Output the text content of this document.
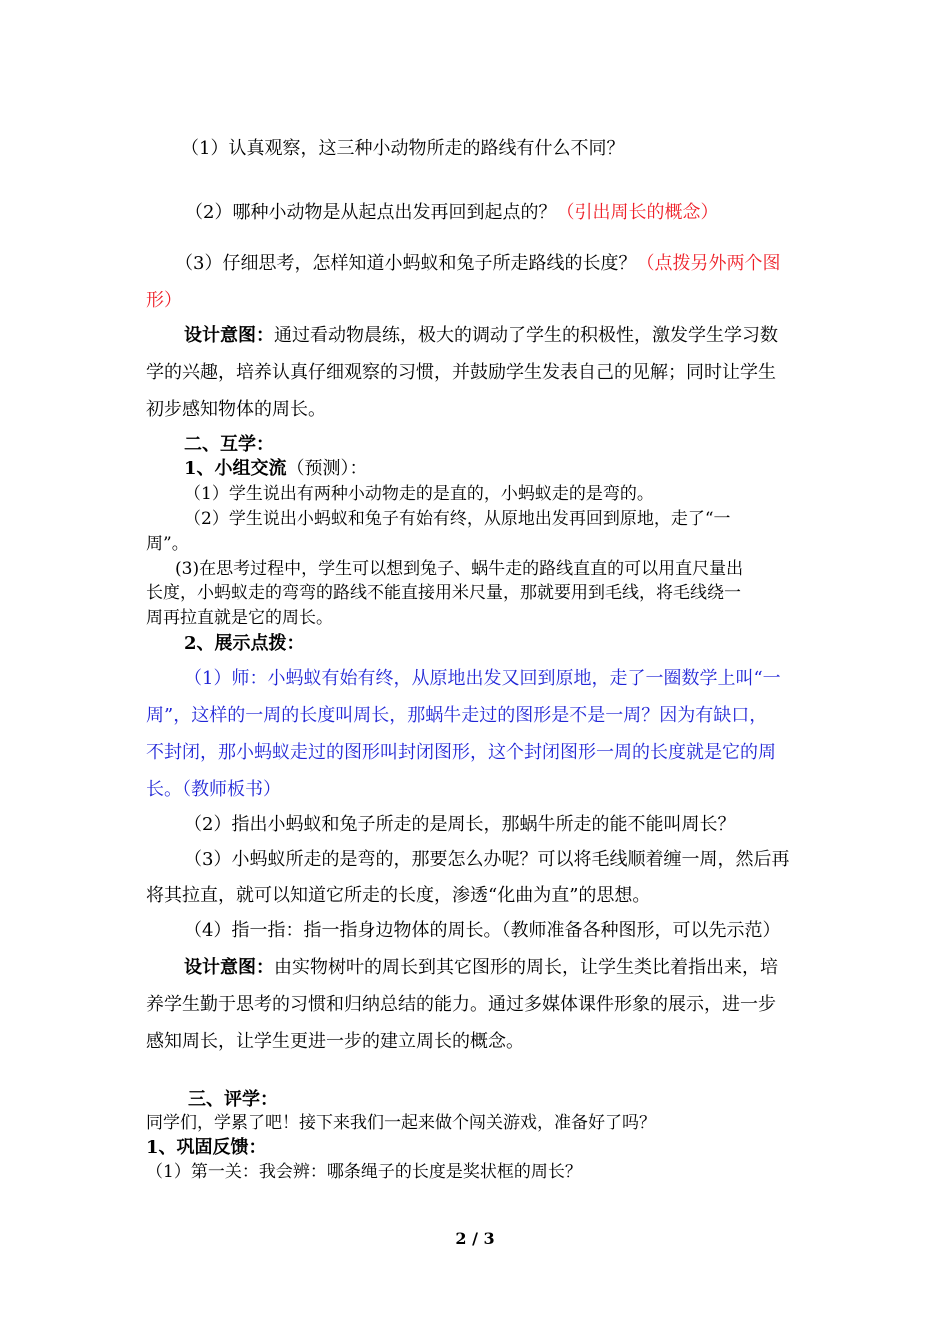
（1）认真观察，这三种小动物所走的路线有什么不同？
（2）哪种小动物是从起点出发再回到起点的？（引出周长的概念）
（3）仔细思考，怎样知道小蚂蚁和兔子所走路线的长度？（点拨另外两个图
形）
设计意图：通过看动物晨练，极大的调动了学生的积极性，激发学生学习数
学的兴趣，培养认真仔细观察的习惯，并鼓励学生发表自己的见解；同时让学生
初步感知物体的周长。
二、互学：
1、小组交流（预测）：
（1）学生说出有两种小动物走的是直的，小蚂蚁走的是弯的。
（2）学生说出小蚂蚁和兔子有始有终，从原地出发再回到原地，走了“一
周”。
(3)在思考过程中，学生可以想到兔子、蜗牛走的路线直直的可以用直尺量出
长度，小蚂蚁走的弯弯的路线不能直接用米尺量，那就要用到毛线，将毛线绕一
周再拉直就是它的周长。
2、展示点拨：
（1）师：小蚂蚁有始有终，从原地出发又回到原地，走了一圈数学上叫“一
周”，这样的一周的长度叫周长，那蜗牛走过的图形是不是一周？因为有缺口，
不封闭，那小蚂蚁走过的图形叫封闭图形，这个封闭图形一周的长度就是它的周
长。（教师板书）
（2）指出小蚂蚁和兔子所走的是周长，那蜗牛所走的能不能叫周长？
（3）小蚂蚁所走的是弯的，那要怎么办呢？可以将毛线顺着缠一周，然后再
将其拉直，就可以知道它所走的长度，渗透“化曲为直”的思想。
（4）指一指：指一指身边物体的周长。（教师准备各种图形，可以先示范）
设计意图：由实物树叶的周长到其它图形的周长，让学生类比着指出来，培
养学生勤于思考的习惯和归纳总结的能力。通过多媒体课件形象的展示，进一步
感知周长，让学生更进一步的建立周长的概念。
三、评学：
同学们，学累了吧！接下来我们一起来做个闯关游戏，准备好了吗？
1、巩固反馈：
（1）第一关：我会辨：哪条绳子的长度是奖状框的周长？
2 / 3
